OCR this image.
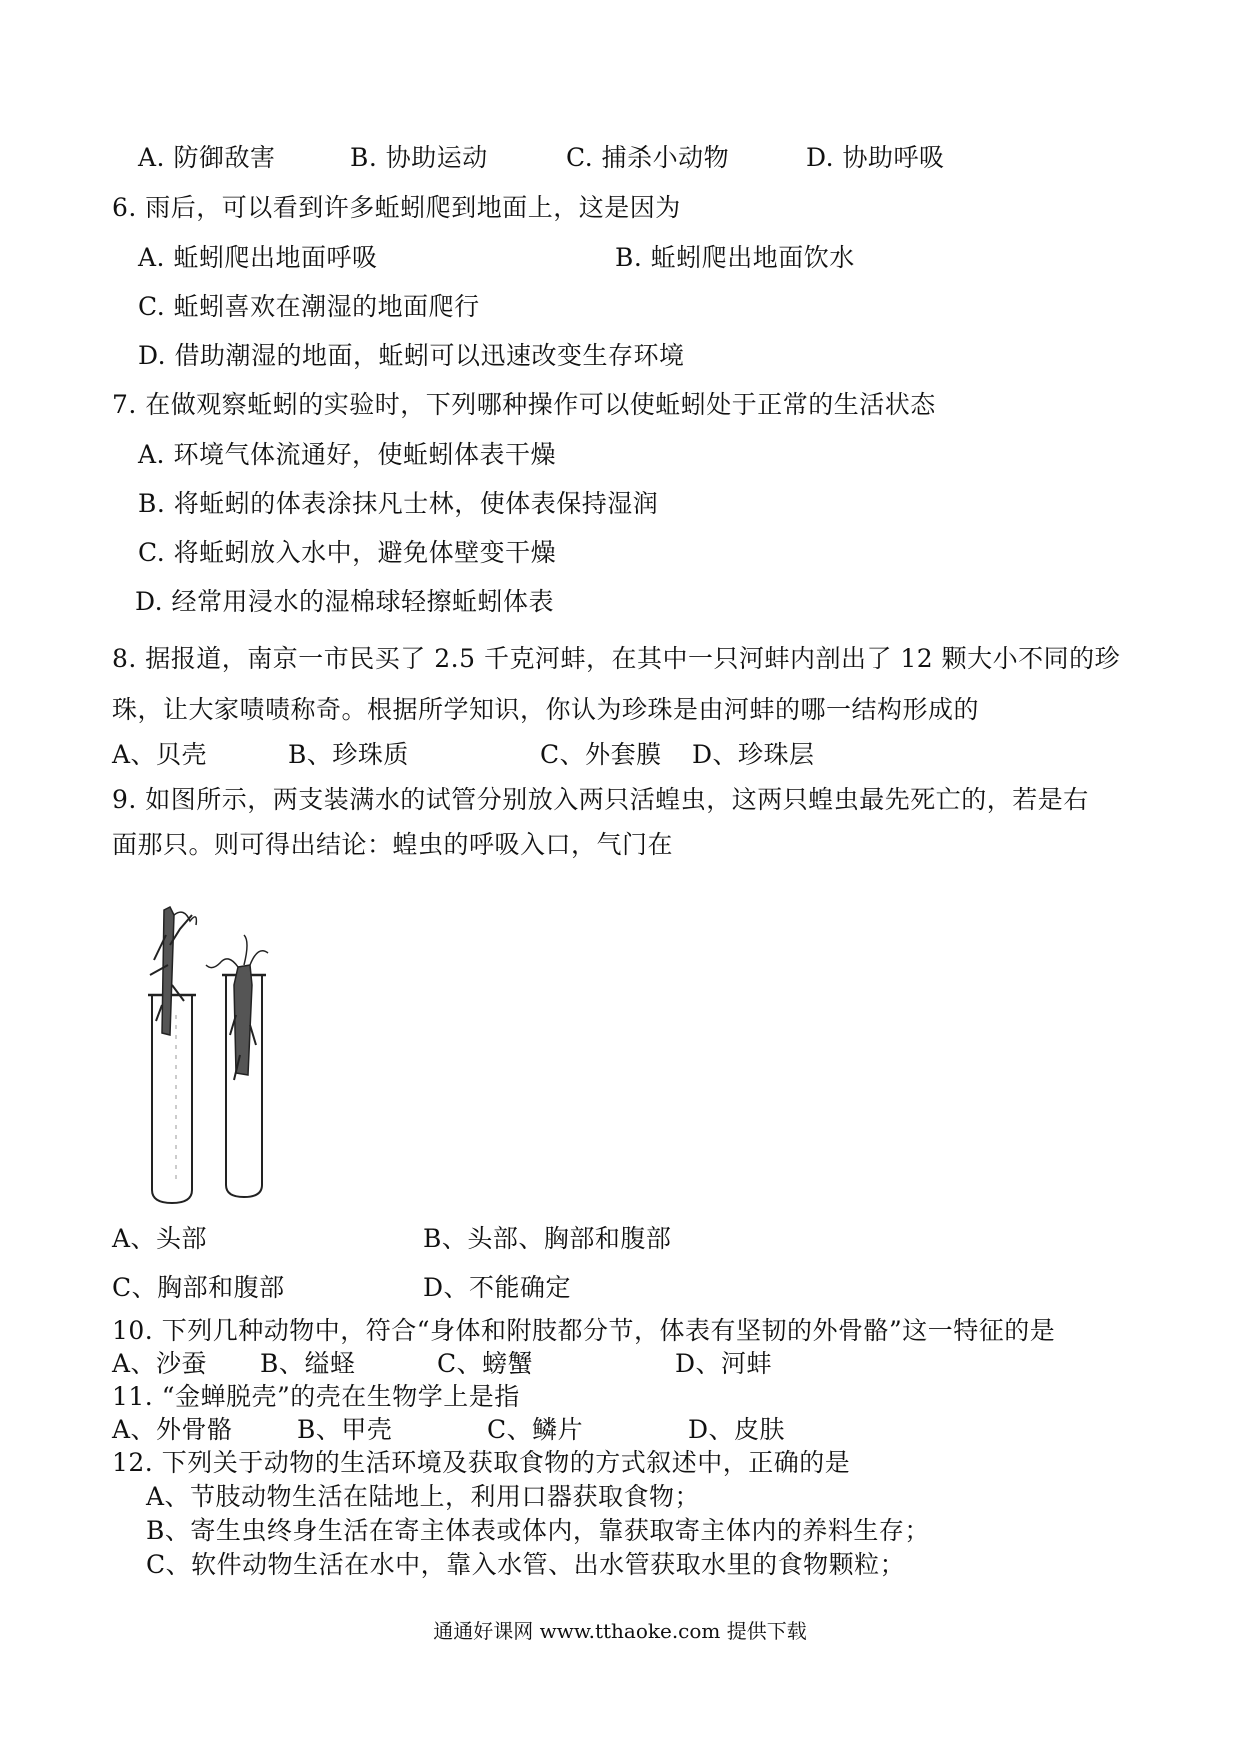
A. 防御敌害	B. 协助运动	C. 捕杀小动物	D. 协助呼吸
6. 雨后，可以看到许多蚯蚓爬到地面上，这是因为
A. 蚯蚓爬出地面呼吸	B. 蚯蚓爬出地面饮水
C. 蚯蚓喜欢在潮湿的地面爬行
D. 借助潮湿的地面，蚯蚓可以迅速改变生存环境
7. 在做观察蚯蚓的实验时，下列哪种操作可以使蚯蚓处于正常的生活状态
A. 环境气体流通好，使蚯蚓体表干燥
B. 将蚯蚓的体表涂抹凡士林，使体表保持湿润
C. 将蚯蚓放入水中，避免体壁变干燥
D. 经常用浸水的湿棉球轻擦蚯蚓体表
8. 据报道，南京一市民买了 2.5 千克河蚌，在其中一只河蚌内剖出了 12 颗大小不同的珍
珠，让大家啧啧称奇。根据所学知识，你认为珍珠是由河蚌的哪一结构形成的
A、贝壳	B、珍珠质	C、外套膜 D、珍珠层
9. 如图所示，两支装满水的试管分别放入两只活蝗虫，这两只蝗虫最先死亡的，若是右
面那只。则可得出结论：蝗虫的呼吸入口，气门在
A、头部	B、头部、胸部和腹部
C、胸部和腹部	D、不能确定
10. 下列几种动物中，符合“身体和附肢都分节，体表有坚韧的外骨骼”这一特征的是
A、沙蚕 B、缢蛏	C、螃蟹	D、河蚌
11. “金蝉脱壳”的壳在生物学上是指
A、外骨骼	B、甲壳	C、鳞片	D、皮肤
12. 下列关于动物的生活环境及获取食物的方式叙述中，正确的是
A、节肢动物生活在陆地上，利用口器获取食物；
B、寄生虫终身生活在寄主体表或体内，靠获取寄主体内的养料生存；
C、软件动物生活在水中，靠入水管、出水管获取水里的食物颗粒；
通通好课网 www.tthaoke.com 提供下载
